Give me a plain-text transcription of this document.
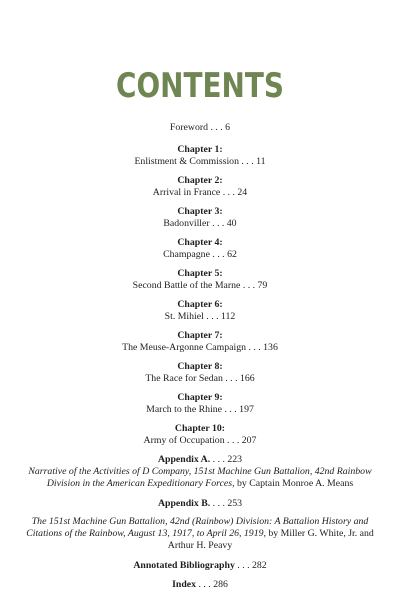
CONTENTS
Foreword . . . 6
Chapter 1:
Enlistment & Commission . . . 11
Chapter 2:
Arrival in France . . . 24
Chapter 3:
Badonviller . . . 40
Chapter 4:
Champagne . . . 62
Chapter 5:
Second Battle of the Marne . . . 79
Chapter 6:
St. Mihiel . . . 112
Chapter 7:
The Meuse-Argonne Campaign . . . 136
Chapter 8:
The Race for Sedan . . . 166
Chapter 9:
March to the Rhine . . . 197
Chapter 10:
Army of Occupation . . . 207
Appendix A. . . . 223
Narrative of the Activities of D Company, 151st Machine Gun Battalion, 42nd Rainbow Division in the American Expeditionary Forces, by Captain Monroe A. Means
Appendix B. . . . 253
The 151st Machine Gun Battalion, 42nd (Rainbow) Division: A Battalion History and Citations of the Rainbow, August 13, 1917, to April 26, 1919, by Miller G. White, Jr. and Arthur H. Peavy
Annotated Bibliography . . . 282
Index . . . 286
